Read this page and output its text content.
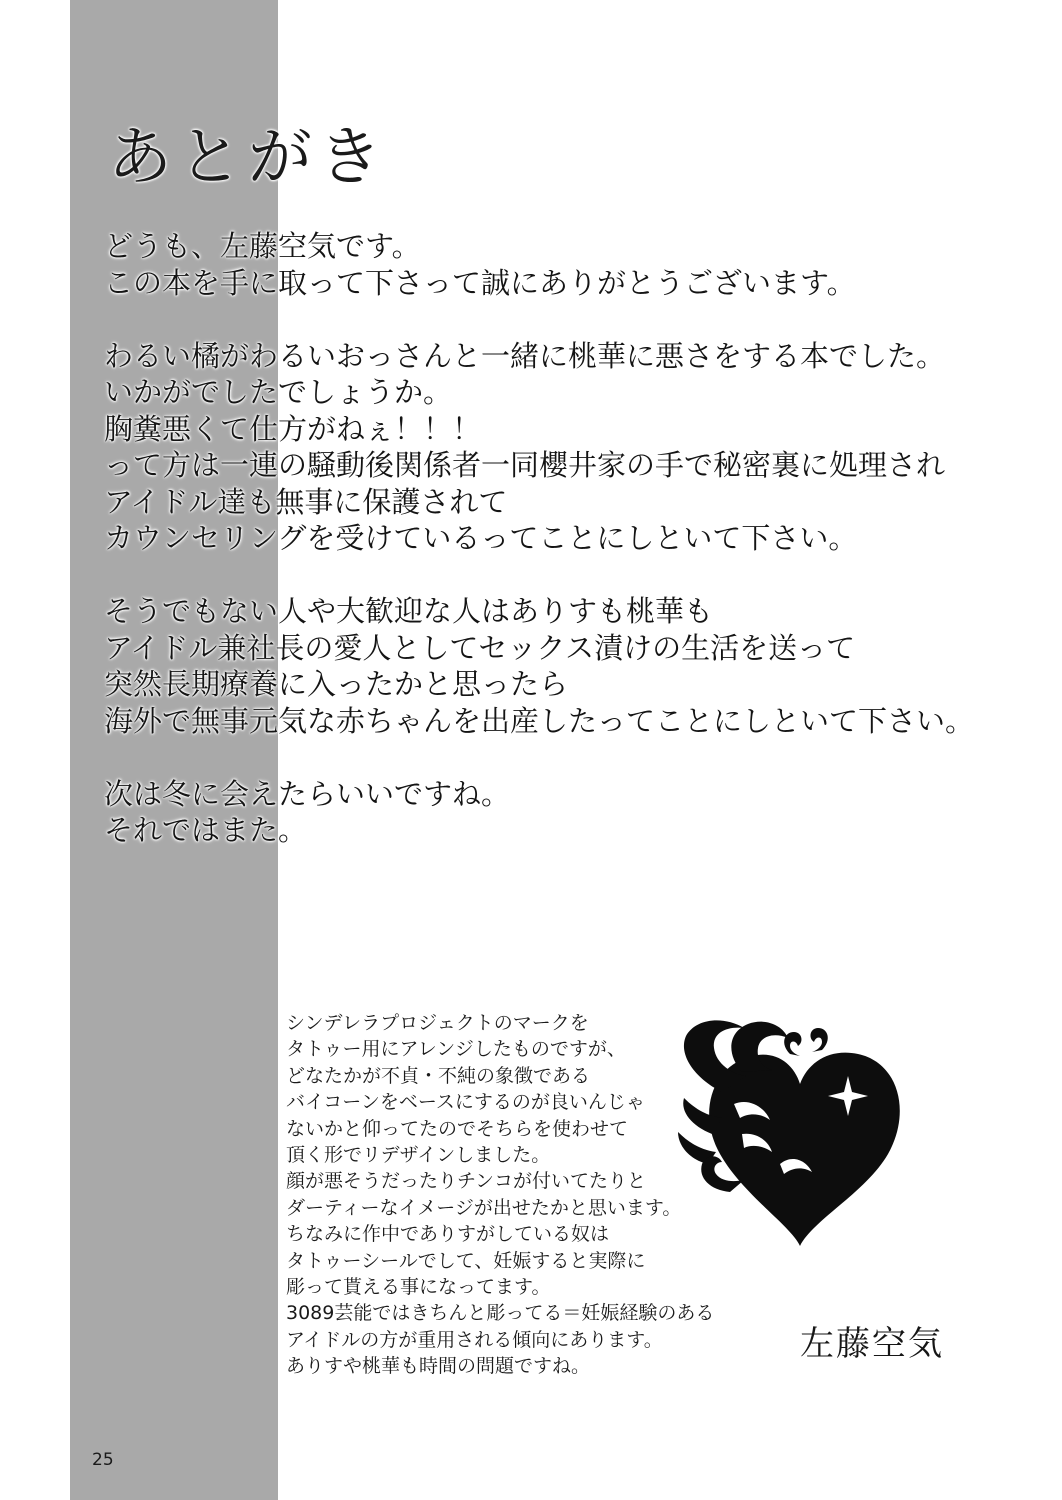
あとがき
どうも、左藤空気です。
この本を手に取って下さって誠にありがとうございます。
わるい橘がわるいおっさんと一緒に桃華に悪さをする本でした。
いかがでしたでしょうか。
胸糞悪くて仕方がねぇ！！！
って方は一連の騒動後関係者一同櫻井家の手で秘密裏に処理され
アイドル達も無事に保護されて
カウンセリングを受けているってことにしといて下さい。
そうでもない人や大歓迎な人はありすも桃華も
アイドル兼社長の愛人としてセックス漬けの生活を送って
突然長期療養に入ったかと思ったら
海外で無事元気な赤ちゃんを出産したってことにしといて下さい。
次は冬に会えたらいいですね。
それではまた。
シンデレラプロジェクトのマークを
タトゥー用にアレンジしたものですが、
どなたかが不貞・不純の象徴である
バイコーンをベースにするのが良いんじゃ
ないかと仰ってたのでそちらを使わせて
頂く形でリデザインしました。
顔が悪そうだったりチンコが付いてたりと
ダーティーなイメージが出せたかと思います。
ちなみに作中でありすがしている奴は
タトゥーシールでして、妊娠すると実際に
彫って貰える事になってます。
3089芸能ではきちんと彫ってる＝妊娠経験のある
アイドルの方が重用される傾向にあります。
ありすや桃華も時間の問題ですね。
左藤空気
25
